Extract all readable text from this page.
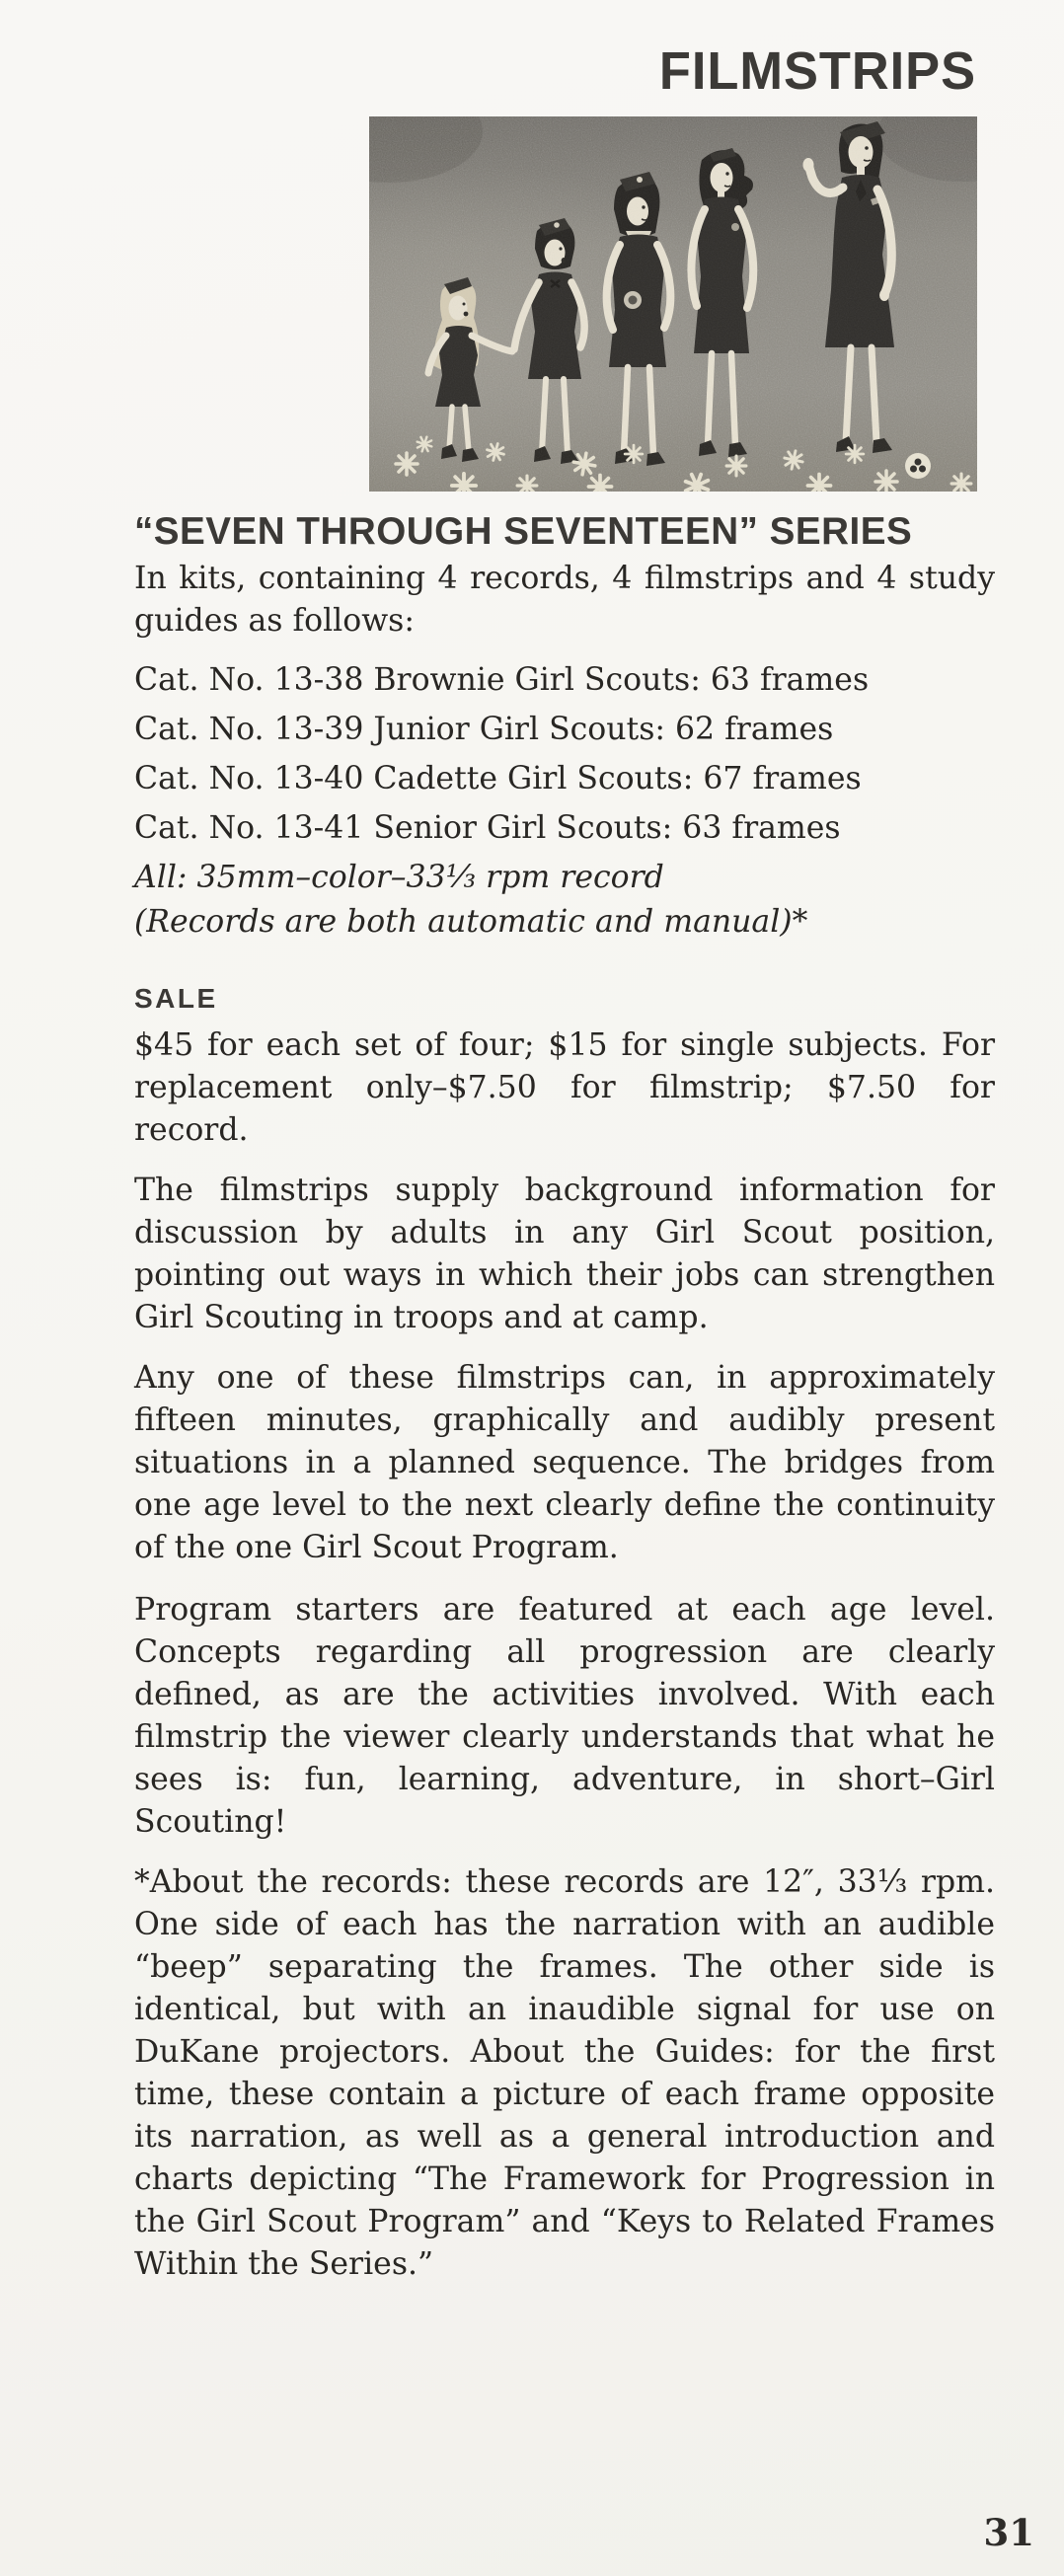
FILMSTRIPS
“SEVEN THROUGH SEVENTEEN” SERIES

In kits, containing 4 records, 4 filmstrips and 4 study guides as follows:

Cat. No. 13-38 Brownie Girl Scouts: 63 frames
Cat. No. 13-39 Junior Girl Scouts: 62 frames
Cat. No. 13-40 Cadette Girl Scouts: 67 frames
Cat. No. 13-41 Senior Girl Scouts: 63 frames
All: 35mm–color–33⅓ rpm record
(Records are both automatic and manual)*
SALE

$45 for each set of four; $15 for single subjects. For replacement only–$7.50 for filmstrip; $7.50 for record.

The filmstrips supply background information for discussion by adults in any Girl Scout position, pointing out ways in which their jobs can strengthen Girl Scouting in troops and at camp.

Any one of these filmstrips can, in approximately fifteen minutes, graphically and audibly present situations in a planned sequence. The bridges from one age level to the next clearly define the continuity of the one Girl Scout Program.

Program starters are featured at each age level. Concepts regarding all progression are clearly defined, as are the activities involved. With each filmstrip the viewer clearly understands that what he sees is: fun, learning, adventure, in short–Girl Scouting!

*About the records: these records are 12″, 33⅓ rpm. One side of each has the narration with an audible “beep” separating the frames. The other side is identical, but with an inaudible signal for use on DuKane projectors. About the Guides: for the first time, these contain a picture of each frame opposite its narration, as well as a general introduction and charts depicting “The Framework for Progression in the Girl Scout Program” and “Keys to Related Frames Within the Series.”

31
